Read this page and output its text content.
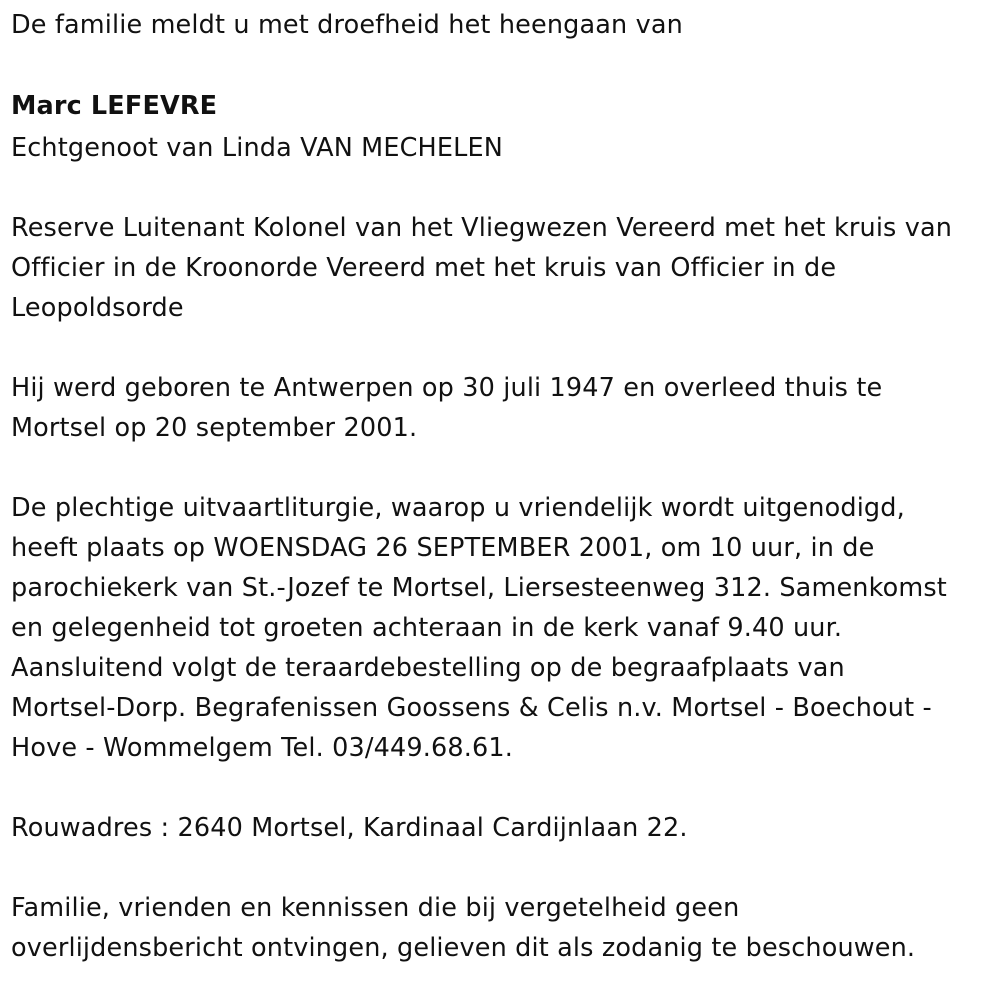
De familie meldt u met droefheid het heengaan van
Marc LEFEVRE
Echtgenoot van Linda VAN MECHELEN
Reserve Luitenant Kolonel van het Vliegwezen Vereerd met het kruis van
Officier in de Kroonorde Vereerd met het kruis van Officier in de
Leopoldsorde
Hij werd geboren te Antwerpen op 30 juli 1947 en overleed thuis te
Mortsel op 20 september 2001.
De plechtige uitvaartliturgie, waarop u vriendelijk wordt uitgenodigd,
heeft plaats op WOENSDAG 26 SEPTEMBER 2001, om 10 uur, in de
parochiekerk van St.-Jozef te Mortsel, Liersesteenweg 312. Samenkomst
en gelegenheid tot groeten achteraan in de kerk vanaf 9.40 uur.
Aansluitend volgt de teraardebestelling op de begraafplaats van
Mortsel-Dorp. Begrafenissen Goossens & Celis n.v. Mortsel - Boechout -
Hove - Wommelgem Tel. 03/449.68.61.
Rouwadres : 2640 Mortsel, Kardinaal Cardijnlaan 22.
Familie, vrienden en kennissen die bij vergetelheid geen
overlijdensbericht ontvingen, gelieven dit als zodanig te beschouwen.
